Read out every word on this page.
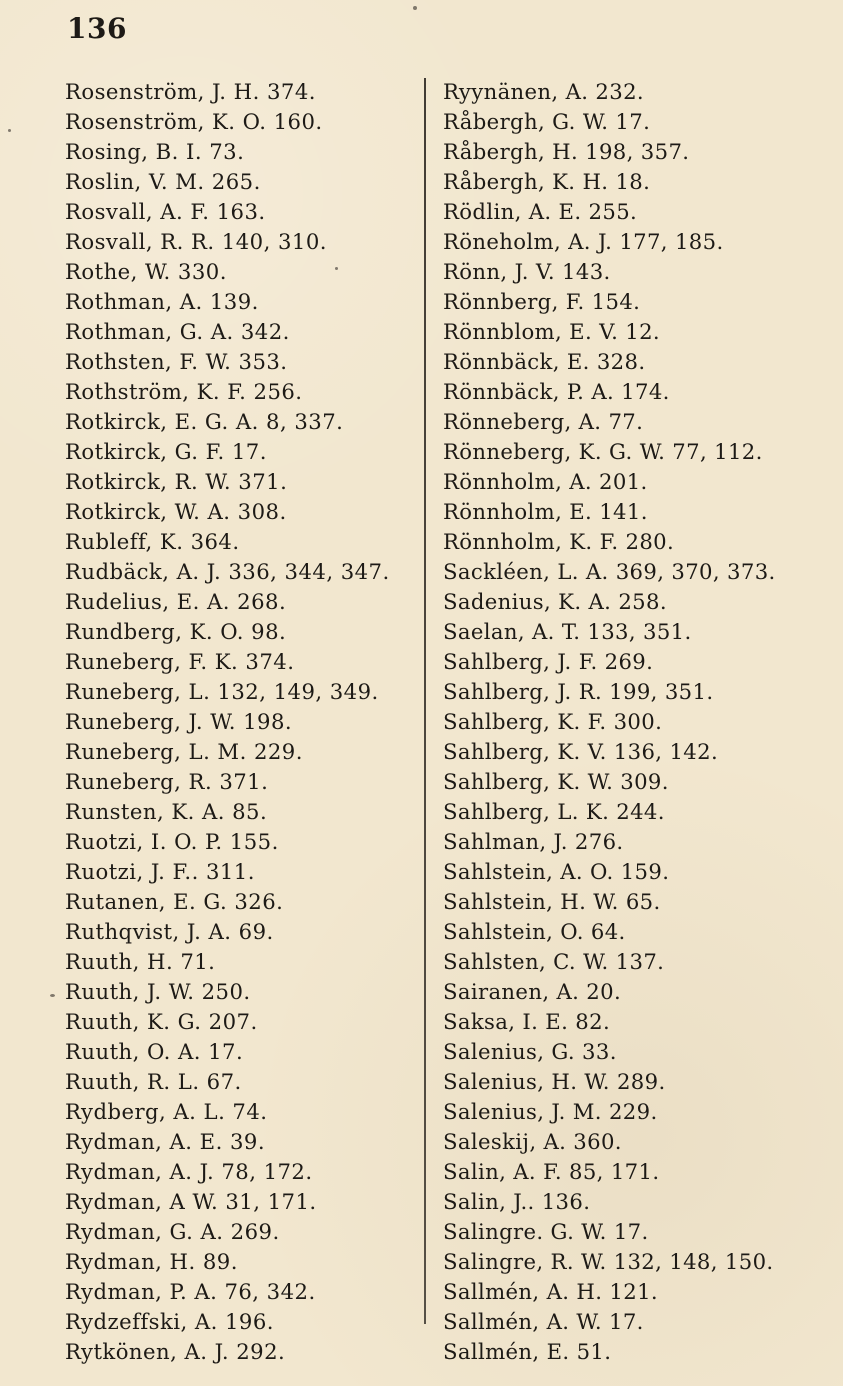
136
Rosenström, J. H. 374.
Rosenström, K. O. 160.
Rosing, B. I. 73.
Roslin, V. M. 265.
Rosvall, A. F. 163.
Rosvall, R. R. 140, 310.
Rothe, W. 330.
Rothman, A. 139.
Rothman, G. A. 342.
Rothsten, F. W. 353.
Rothström, K. F. 256.
Rotkirck, E. G. A. 8, 337.
Rotkirck, G. F. 17.
Rotkirck, R. W. 371.
Rotkirck, W. A. 308.
Rubleff, K. 364.
Rudbäck, A. J. 336, 344, 347.
Rudelius, E. A. 268.
Rundberg, K. O. 98.
Runeberg, F. K. 374.
Runeberg, L. 132, 149, 349.
Runeberg, J. W. 198.
Runeberg, L. M. 229.
Runeberg, R. 371.
Runsten, K. A. 85.
Ruotzi, I. O. P. 155.
Ruotzi, J. F.. 311.
Rutanen, E. G. 326.
Ruthqvist, J. A. 69.
Ruuth, H. 71.
Ruuth, J. W. 250.
Ruuth, K. G. 207.
Ruuth, O. A. 17.
Ruuth, R. L. 67.
Rydberg, A. L. 74.
Rydman, A. E. 39.
Rydman, A. J. 78, 172.
Rydman, A W. 31, 171.
Rydman, G. A. 269.
Rydman, H. 89.
Rydman, P. A. 76, 342.
Rydzeffski, A. 196.
Rytkönen, A. J. 292.
Ryynänen, A. 232.
Råbergh, G. W. 17.
Råbergh, H. 198, 357.
Råbergh, K. H. 18.
Rödlin, A. E. 255.
Röneholm, A. J. 177, 185.
Rönn, J. V. 143.
Rönnberg, F. 154.
Rönnblom, E. V. 12.
Rönnbäck, E. 328.
Rönnbäck, P. A. 174.
Rönneberg, A. 77.
Rönneberg, K. G. W. 77, 112.
Rönnholm, A. 201.
Rönnholm, E. 141.
Rönnholm, K. F. 280.
Sackléen, L. A. 369, 370, 373.
Sadenius, K. A. 258.
Saelan, A. T. 133, 351.
Sahlberg, J. F. 269.
Sahlberg, J. R. 199, 351.
Sahlberg, K. F. 300.
Sahlberg, K. V. 136, 142.
Sahlberg, K. W. 309.
Sahlberg, L. K. 244.
Sahlman, J. 276.
Sahlstein, A. O. 159.
Sahlstein, H. W. 65.
Sahlstein, O. 64.
Sahlsten, C. W. 137.
Sairanen, A. 20.
Saksa, I. E. 82.
Salenius, G. 33.
Salenius, H. W. 289.
Salenius, J. M. 229.
Saleskij, A. 360.
Salin, A. F. 85, 171.
Salin, J.. 136.
Salingre. G. W. 17.
Salingre, R. W. 132, 148, 150.
Sallmén, A. H. 121.
Sallmén, A. W. 17.
Sallmén, E. 51.
